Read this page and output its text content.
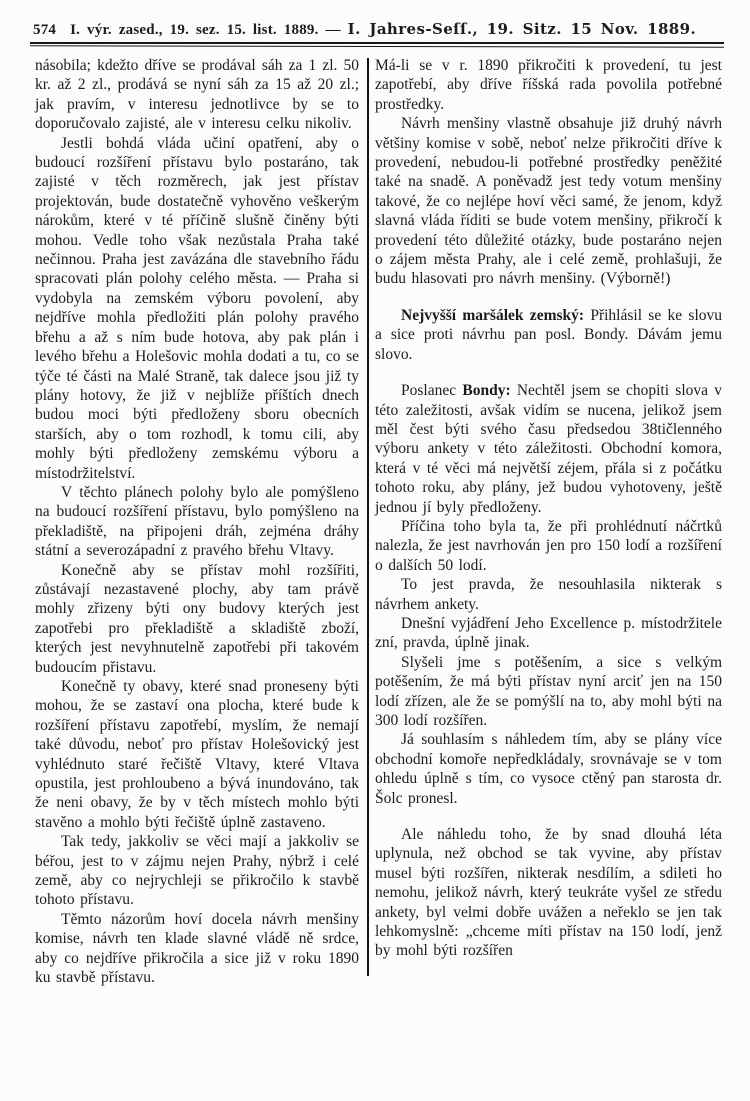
574 I. výr. zased., 19. sez. 15. list. 1889. — I. Jahres-Seſſ., 19. Sitz. 15 Nov. 1889.

násobila; kdežto dříve se prodával sáh za 1 zl. 50 kr. až 2 zl., prodává se nyní sáh za 15 až 20 zl.; jak pravím, v interesu jednotlivce by se to doporučovalo zajisté, ale v interesu celku nikoliv.

Jestli bohdá vláda učiní opatření, aby o budoucí rozšíření přístavu bylo postaráno, tak zajisté v těch rozměrech, jak jest přístav projektován, bude dostatečně vyhověno veškerým nárokům, které v té příčině slušně činěny býti mohou. Vedle toho však nezůstala Praha také nečinnou. Praha jest zavázána dle stavebního řádu spracovati plán polohy celého města. — Praha si vydobyla na zemském výboru povolení, aby nejdříve mohla předložiti plán polohy pravého břehu a až s ním bude hotova, aby pak plán i levého břehu a Holešovic mohla dodati a tu, co se týče té části na Malé Straně, tak dalece jsou již ty plány hotovy, že již v nejblíže příštích dnech budou moci býti předloženy sboru obecních starších, aby o tom rozhodl, k tomu cili, aby mohly býti předloženy zemskému výboru a místodržitelství.

V těchto plánech polohy bylo ale pomýšleno na budoucí rozšíření přístavu, bylo pomýšleno na překladiště, na připojeni dráh, zejména dráhy státní a severozápadní z pravého břehu Vltavy.

Konečně aby se přístav mohl rozšířiti, zůstávají nezastavené plochy, aby tam právě mohly zřizeny býti ony budovy kterých jest zapotřebi pro překladiště a skladiště zboží, kterých jest nevyhnutelně zapotřebi při takovém budoucím přistavu.

Konečně ty obavy, které snad proneseny býti mohou, že se zastaví ona plocha, které bude k rozšíření přístavu zapotřebí, myslím, že nemají také důvodu, neboť pro přístav Holešovický jest vyhlédnuto staré řečiště Vltavy, které Vltava opustila, jest prohloubeno a bývá inundováno, tak že neni obavy, že by v těch místech mohlo býti stavěno a mohlo býti řečiště úplně zastaveno.

Tak tedy, jakkoliv se věci mají a jakkoliv se béřou, jest to v zájmu nejen Prahy, nýbrž i celé země, aby co nejrychleji se přikročilo k stavbě tohoto přístavu.

Těmto názorům hoví docela návrh menšiny komise, návrh ten klade slavné vládě ně srdce, aby co nejdříve přikročila a sice již v roku 1890 ku stavbě přístavu.

Má-li se v r. 1890 přikročiti k provedení, tu jest zapotřebí, aby dříve říšská rada povolila potřebné prostředky.

Návrh menšiny vlastně obsahuje již druhý návrh většiny komise v sobě, neboť nelze přikročiti dříve k provedení, nebudou-li potřebné prostředky peněžité také na snadě. A poněvadž jest tedy votum menšiny takové, že co nejlépe hoví věci samé, že jenom, když slavná vláda říditi se bude votem menšiny, přikročí k provedení této důležité otázky, bude postaráno nejen o zájem města Prahy, ale i celé země, prohlašuji, že budu hlasovati pro návrh menšiny. (Výborně!)

Nejvyšší maršálek zemský: Přihlásil se ke slovu a sice proti návrhu pan posl. Bondy. Dávám jemu slovo.

Poslanec Bondy: Nechtěl jsem se chopiti slova v této zaležitosti, avšak vidím se nucena, jelikož jsem měl čest býti svého času předsedou 38tičlenného výboru ankety v této záležitosti. Obchodní komora, která v té věci má největší zéjem, přála si z počátku tohoto roku, aby plány, jež budou vyhotoveny, ještě jednou jí byly předloženy.

Příčina toho byla ta, že při prohlédnutí náčrtků nalezla, že jest navrhován jen pro 150 lodí a rozšíření o dalších 50 lodí.

To jest pravda, že nesouhlasila nikterak s návrhem ankety.

Dnešní vyjádření Jeho Excellence p. místodržitele zní, pravda, úplně jinak.

Slyšeli jme s potěšením, a sice s velkým potěšením, že má býti přístav nyní arciť jen na 150 lodí zřízen, ale že se pomýšlí na to, aby mohl býti na 300 lodí rozšířen.

Já souhlasím s náhledem tím, aby se plány více obchodní komoře nepředkládaly, srovnávaje se v tom ohledu úplně s tím, co vysoce ctěný pan starosta dr. Šolc pronesl.

Ale náhledu toho, že by snad dlouhá léta uplynula, než obchod se tak vyvine, aby přístav musel býti rozšířen, nikterak nesdílím, a sdileti ho nemohu, jelikož návrh, který teukráte vyšel ze středu ankety, byl velmi dobře uvážen a neřeklo se jen tak lehkomyslně: „chceme míti přístav na 150 lodí, jenž by mohl býti rozšířen
